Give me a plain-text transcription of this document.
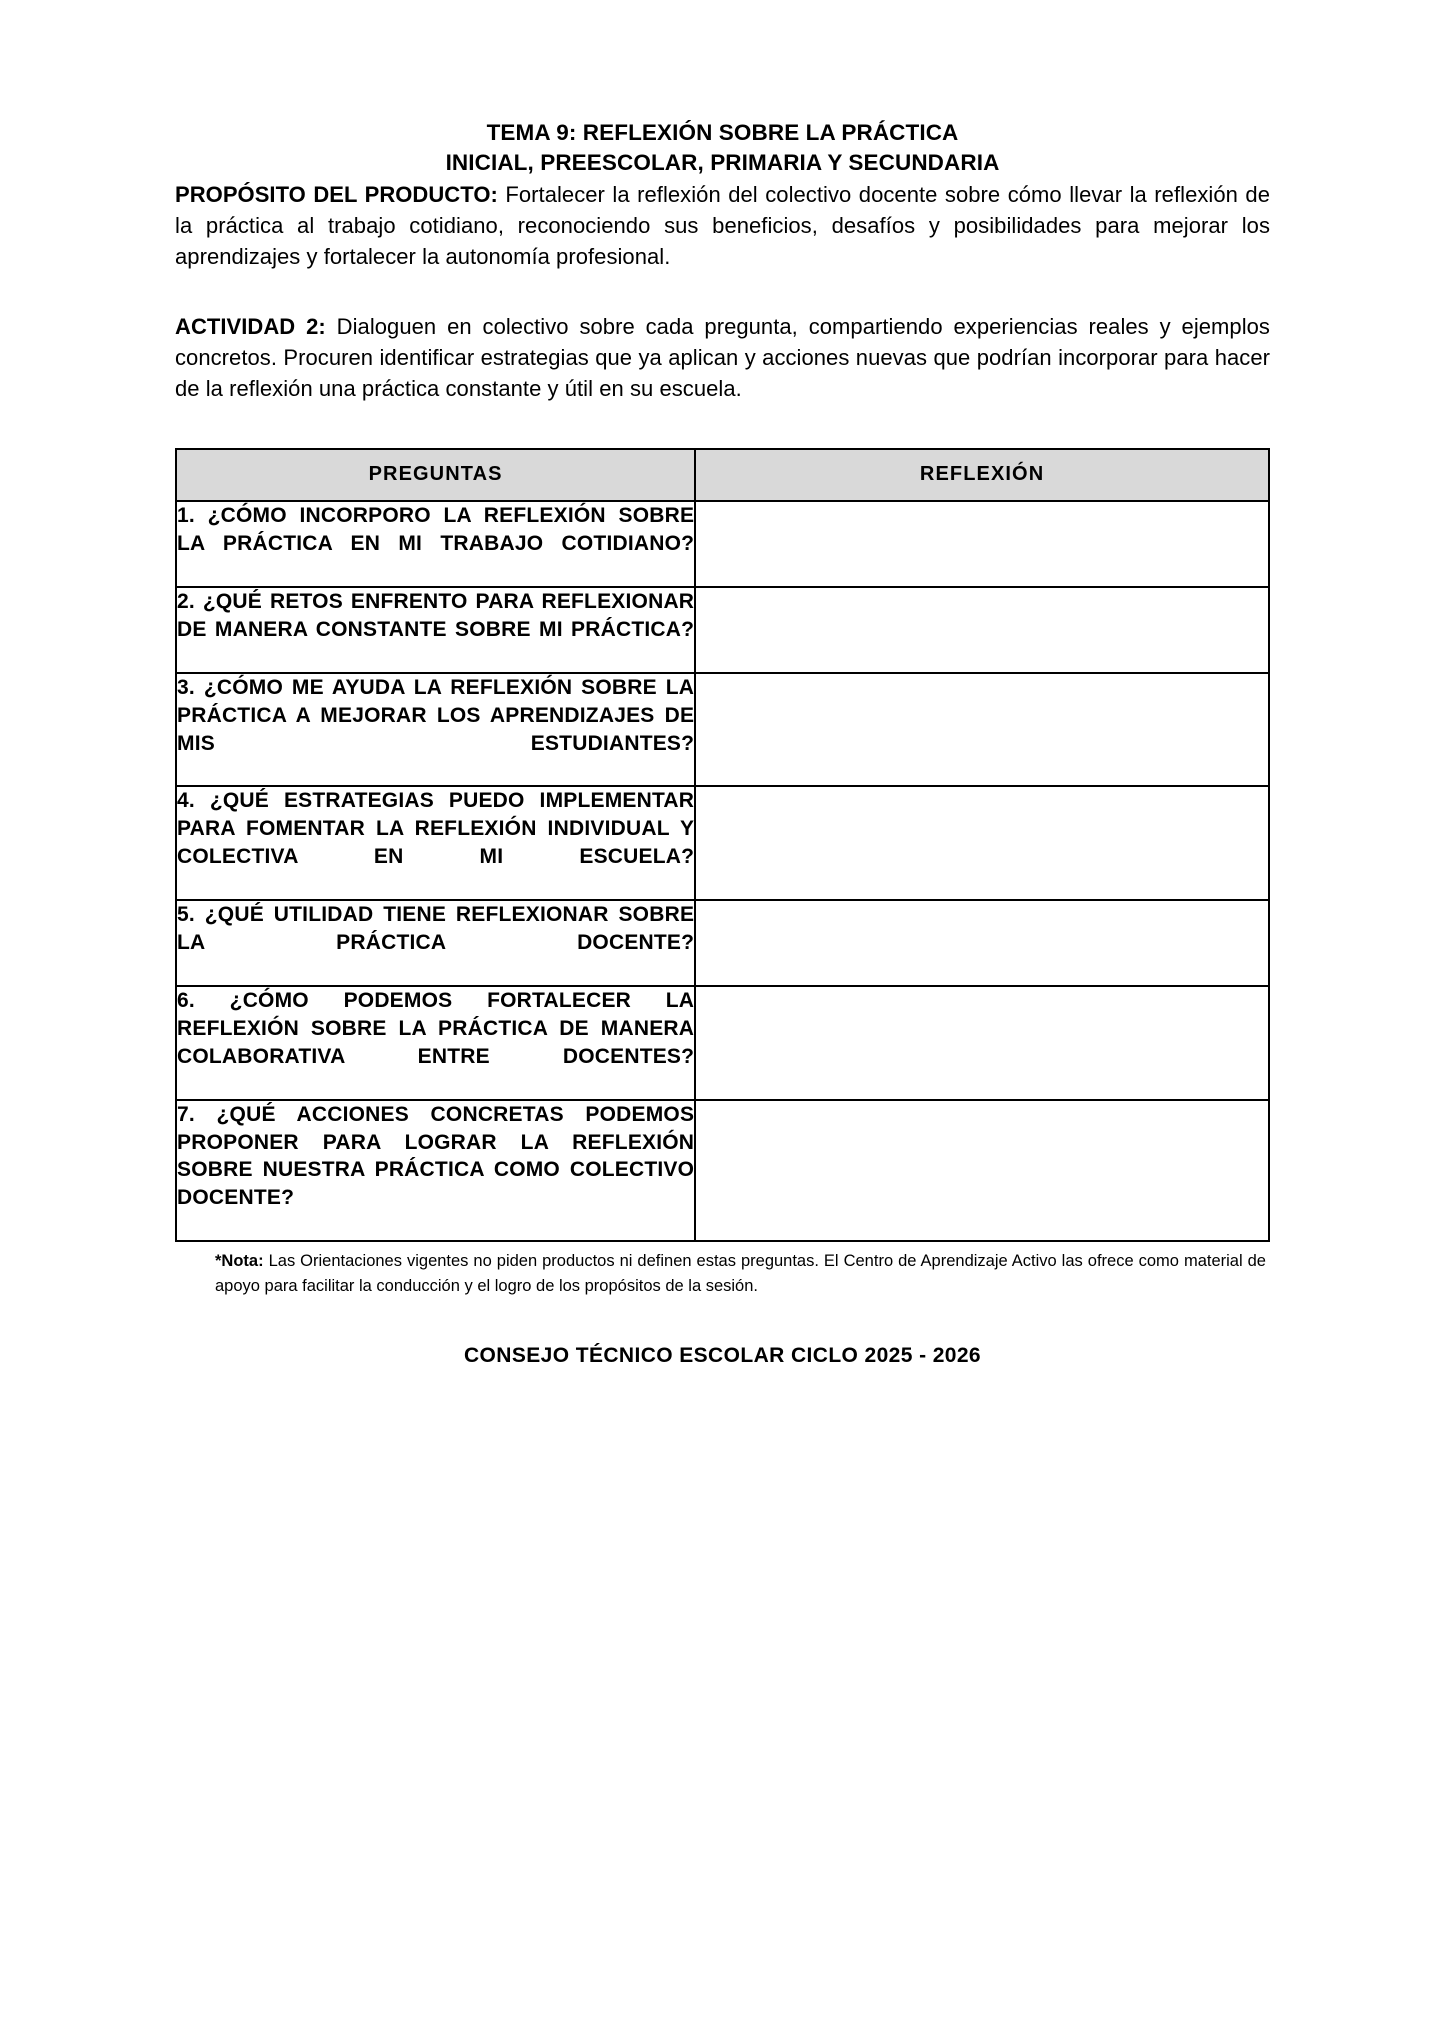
TEMA 9: REFLEXIÓN SOBRE LA PRÁCTICA
INICIAL, PREESCOLAR, PRIMARIA Y SECUNDARIA

PROPÓSITO DEL PRODUCTO: Fortalecer la reflexión del colectivo docente sobre cómo llevar la reflexión de la práctica al trabajo cotidiano, reconociendo sus beneficios, desafíos y posibilidades para mejorar los aprendizajes y fortalecer la autonomía profesional.

ACTIVIDAD 2: Dialoguen en colectivo sobre cada pregunta, compartiendo experiencias reales y ejemplos concretos. Procuren identificar estrategias que ya aplican y acciones nuevas que podrían incorporar para hacer de la reflexión una práctica constante y útil en su escuela.

PREGUNTAS	REFLEXIÓN
1. ¿CÓMO INCORPORO LA REFLEXIÓN SOBRE LA PRÁCTICA EN MI TRABAJO COTIDIANO?	
2. ¿QUÉ RETOS ENFRENTO PARA REFLEXIONAR DE MANERA CONSTANTE SOBRE MI PRÁCTICA?	
3. ¿CÓMO ME AYUDA LA REFLEXIÓN SOBRE LA PRÁCTICA A MEJORAR LOS APRENDIZAJES DE MIS ESTUDIANTES?	
4. ¿QUÉ ESTRATEGIAS PUEDO IMPLEMENTAR PARA FOMENTAR LA REFLEXIÓN INDIVIDUAL Y COLECTIVA EN MI ESCUELA?	
5. ¿QUÉ UTILIDAD TIENE REFLEXIONAR SOBRE LA PRÁCTICA DOCENTE?	
6. ¿CÓMO PODEMOS FORTALECER LA REFLEXIÓN SOBRE LA PRÁCTICA DE MANERA COLABORATIVA ENTRE DOCENTES?	
7. ¿QUÉ ACCIONES CONCRETAS PODEMOS PROPONER PARA LOGRAR LA REFLEXIÓN SOBRE NUESTRA PRÁCTICA COMO COLECTIVO DOCENTE?	

*Nota: Las Orientaciones vigentes no piden productos ni definen estas preguntas. El Centro de Aprendizaje Activo las ofrece como material de apoyo para facilitar la conducción y el logro de los propósitos de la sesión.

CONSEJO TÉCNICO ESCOLAR CICLO 2025 - 2026
